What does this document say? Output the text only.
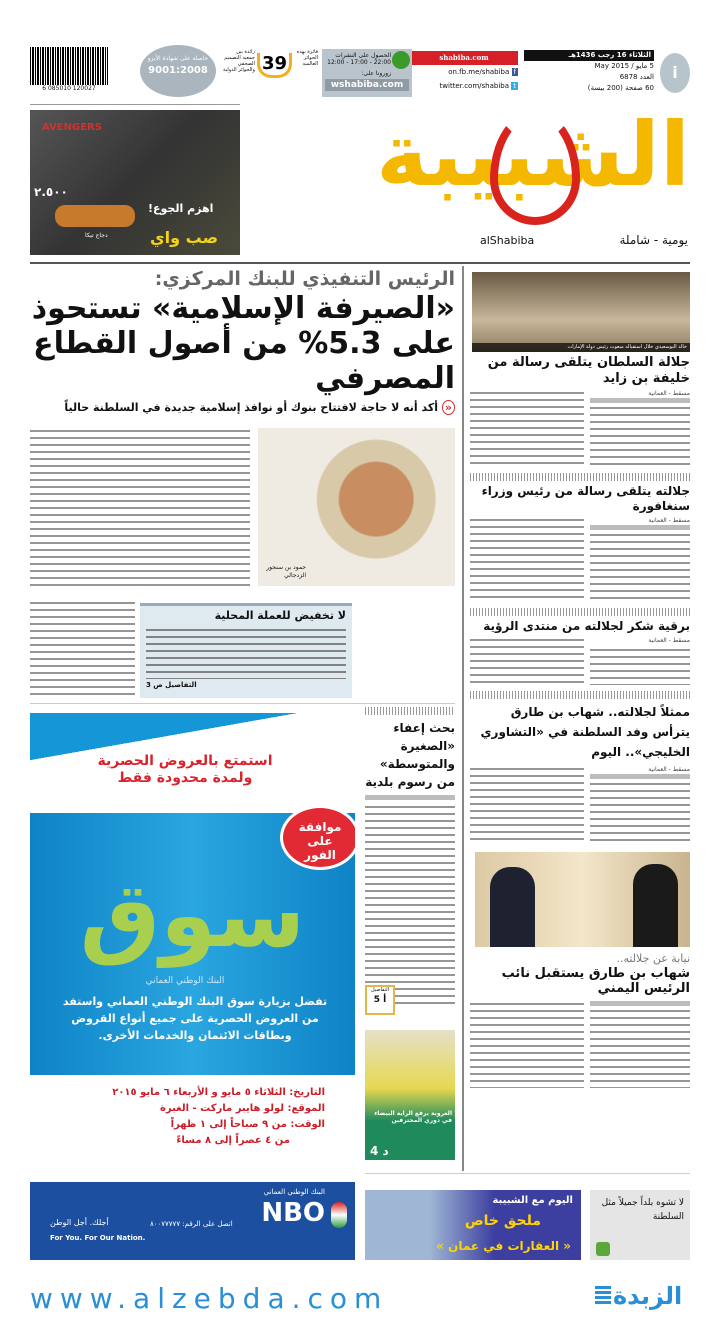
i
الثلاثاء 16 رجب 1436هـ
5 مايو / 2015 May
العدد 6878
60 صفحة (200 بيسة)
shabiba.com
on.fb.me/shabiba f
twitter.com/shabiba t
الحصول على النشرات
22:00 - 17:00 - 12:00
زورونا على:
wshabiba.com
فائزة بهذه الجوائز العالمية
39
رائدة بين جمعية التصميم الصحفي والجوائز الدولية
حاصلة على شهادة الأيزو
9001:2008
6 085010 120027
AVENGERS
٢.٥٠٠
اهزم الجوع!
دجاج تيكا	صب واي
الشبيبة
alShabiba	يومية - شاملة
الرئيس التنفيذي للبنك المركزي:
«الصيرفة الإسلامية» تستحوذ على 5.3% من أصول القطاع المصرفي
« أكد أنه لا حاجة لافتتاح بنوك أو نوافذ إسلامية جديدة في السلطنة حالياً
حمود بن سنجور الزدجالي
لا تخفيض للعملة المحلية
التفاصيل ص 3
بحث إعفاء «الصغيرة والمتوسطة» من رسوم بلدية
التفاصيل
5 أ
العروبة يرفع الراية البيضاء في دوري المحترفين
4 د
استمتع بالعروض الحصرية ولمدة محدودة فقط
موافقة على الفور
سوق
البنك الوطني العماني
تفضل بزيارة سوق البنك الوطني العماني واستفد من العروض الحصرية على جميع أنواع القروض وبطاقات الائتمان والخدمات الأخرى.
التاريخ: الثلاثاء ٥ مايو و الأربعاء ٦ مايو ٢٠١٥
الموقع: لولو هايبر ماركت - الغبرة
الوقت: من ٩ صباحاً إلى ١ ظهراً
من ٤ عصراً إلى ٨ مساءً
خالد البوسعيدي خلال استقباله مبعوث رئيس دولة الإمارات
جلالة السلطان يتلقى رسالة من خليفة بن زايد
مسقط - العمانية
جلالته يتلقى رسالة من رئيس وزراء سنغافورة
مسقط - العمانية
برقية شكر لجلالته من منتدى الرؤية
مسقط - العمانية
ممثلاً لجلالته.. شهاب بن طارق يترأس وفد السلطنة في «التشاوري الخليجي».. اليوم
مسقط - العمانية
نيابة عن جلالته..
شهاب بن طارق يستقبل نائب الرئيس اليمني
البنك الوطني العماني
NBO
اتصل على الرقم: ٨٠٠٧٧٧٧٧
أجلك. أجل الوطن
For You. For Our Nation.
اليوم مع الشبيبة
ملحق خاص
« العقارات في عمان »
لا تشوه بلداً جميلاً مثل السلطنة
www.alzebda.com	الزبدة
